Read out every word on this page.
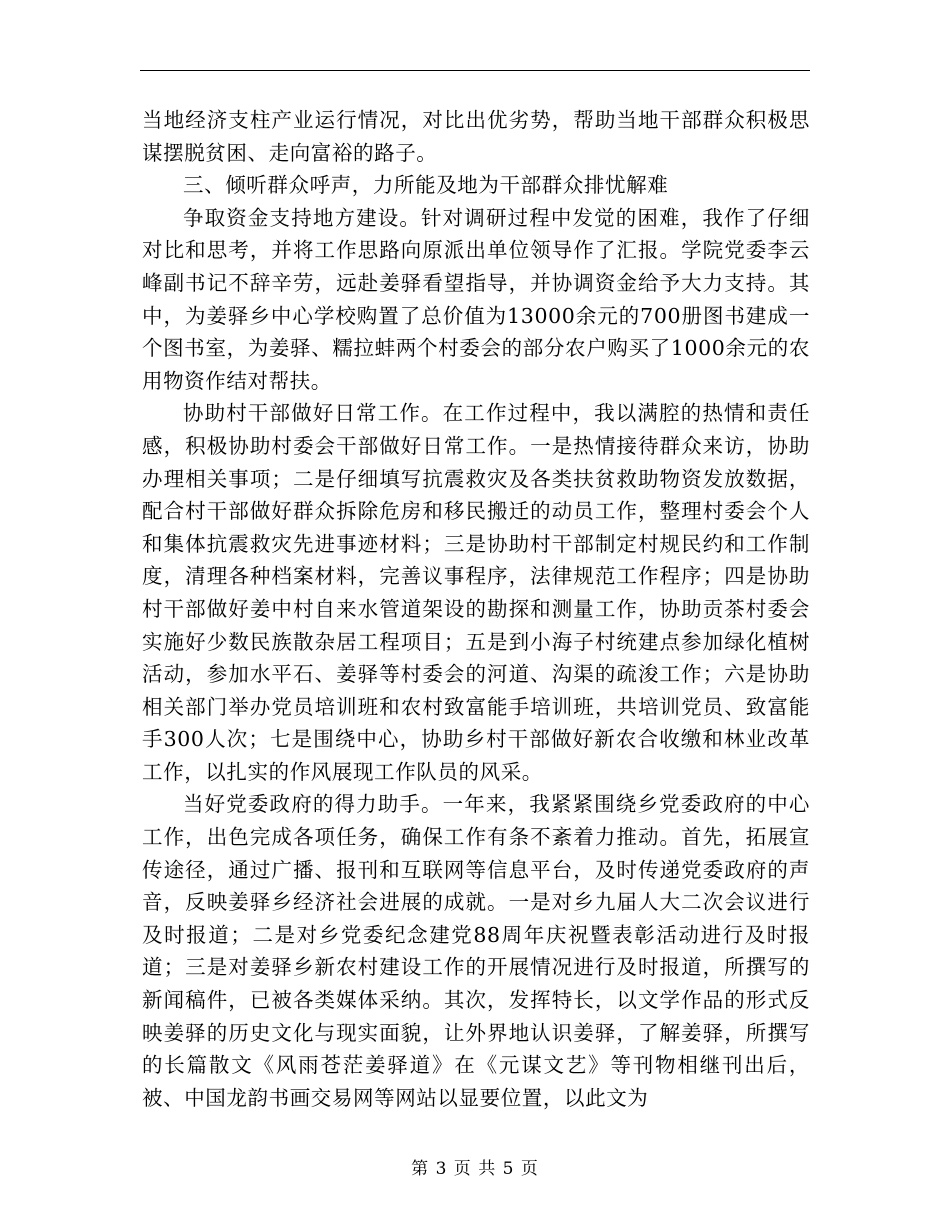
当地经济支柱产业运行情况，对比出优劣势，帮助当地干部群众积极思谋摆脱贫困、走向富裕的路子。

三、倾听群众呼声，力所能及地为干部群众排忧解难

争取资金支持地方建设。针对调研过程中发觉的困难，我作了仔细对比和思考，并将工作思路向原派出单位领导作了汇报。学院党委李云峰副书记不辞辛劳，远赴姜驿看望指导，并协调资金给予大力支持。其中，为姜驿乡中心学校购置了总价值为13000余元的700册图书建成一个图书室，为姜驿、糯拉蚌两个村委会的部分农户购买了1000余元的农用物资作结对帮扶。

协助村干部做好日常工作。在工作过程中，我以满腔的热情和责任感，积极协助村委会干部做好日常工作。一是热情接待群众来访，协助办理相关事项；二是仔细填写抗震救灾及各类扶贫救助物资发放数据，配合村干部做好群众拆除危房和移民搬迁的动员工作，整理村委会个人和集体抗震救灾先进事迹材料；三是协助村干部制定村规民约和工作制度，清理各种档案材料，完善议事程序，法律规范工作程序；四是协助村干部做好姜中村自来水管道架设的勘探和测量工作，协助贡茶村委会实施好少数民族散杂居工程项目；五是到小海子村统建点参加绿化植树活动，参加水平石、姜驿等村委会的河道、沟渠的疏浚工作；六是协助相关部门举办党员培训班和农村致富能手培训班，共培训党员、致富能手300人次；七是围绕中心，协助乡村干部做好新农合收缴和林业改革工作，以扎实的作风展现工作队员的风采。

当好党委政府的得力助手。一年来，我紧紧围绕乡党委政府的中心工作，出色完成各项任务，确保工作有条不紊着力推动。首先，拓展宣传途径，通过广播、报刊和互联网等信息平台，及时传递党委政府的声音，反映姜驿乡经济社会进展的成就。一是对乡九届人大二次会议进行及时报道；二是对乡党委纪念建党88周年庆祝暨表彰活动进行及时报道；三是对姜驿乡新农村建设工作的开展情况进行及时报道，所撰写的新闻稿件，已被各类媒体采纳。其次，发挥特长，以文学作品的形式反映姜驿的历史文化与现实面貌，让外界地认识姜驿，了解姜驿，所撰写的长篇散文《风雨苍茫姜驿道》在《元谋文艺》等刊物相继刊出后，被、中国龙韵书画交易网等网站以显要位置，以此文为

第 3 页 共 5 页
